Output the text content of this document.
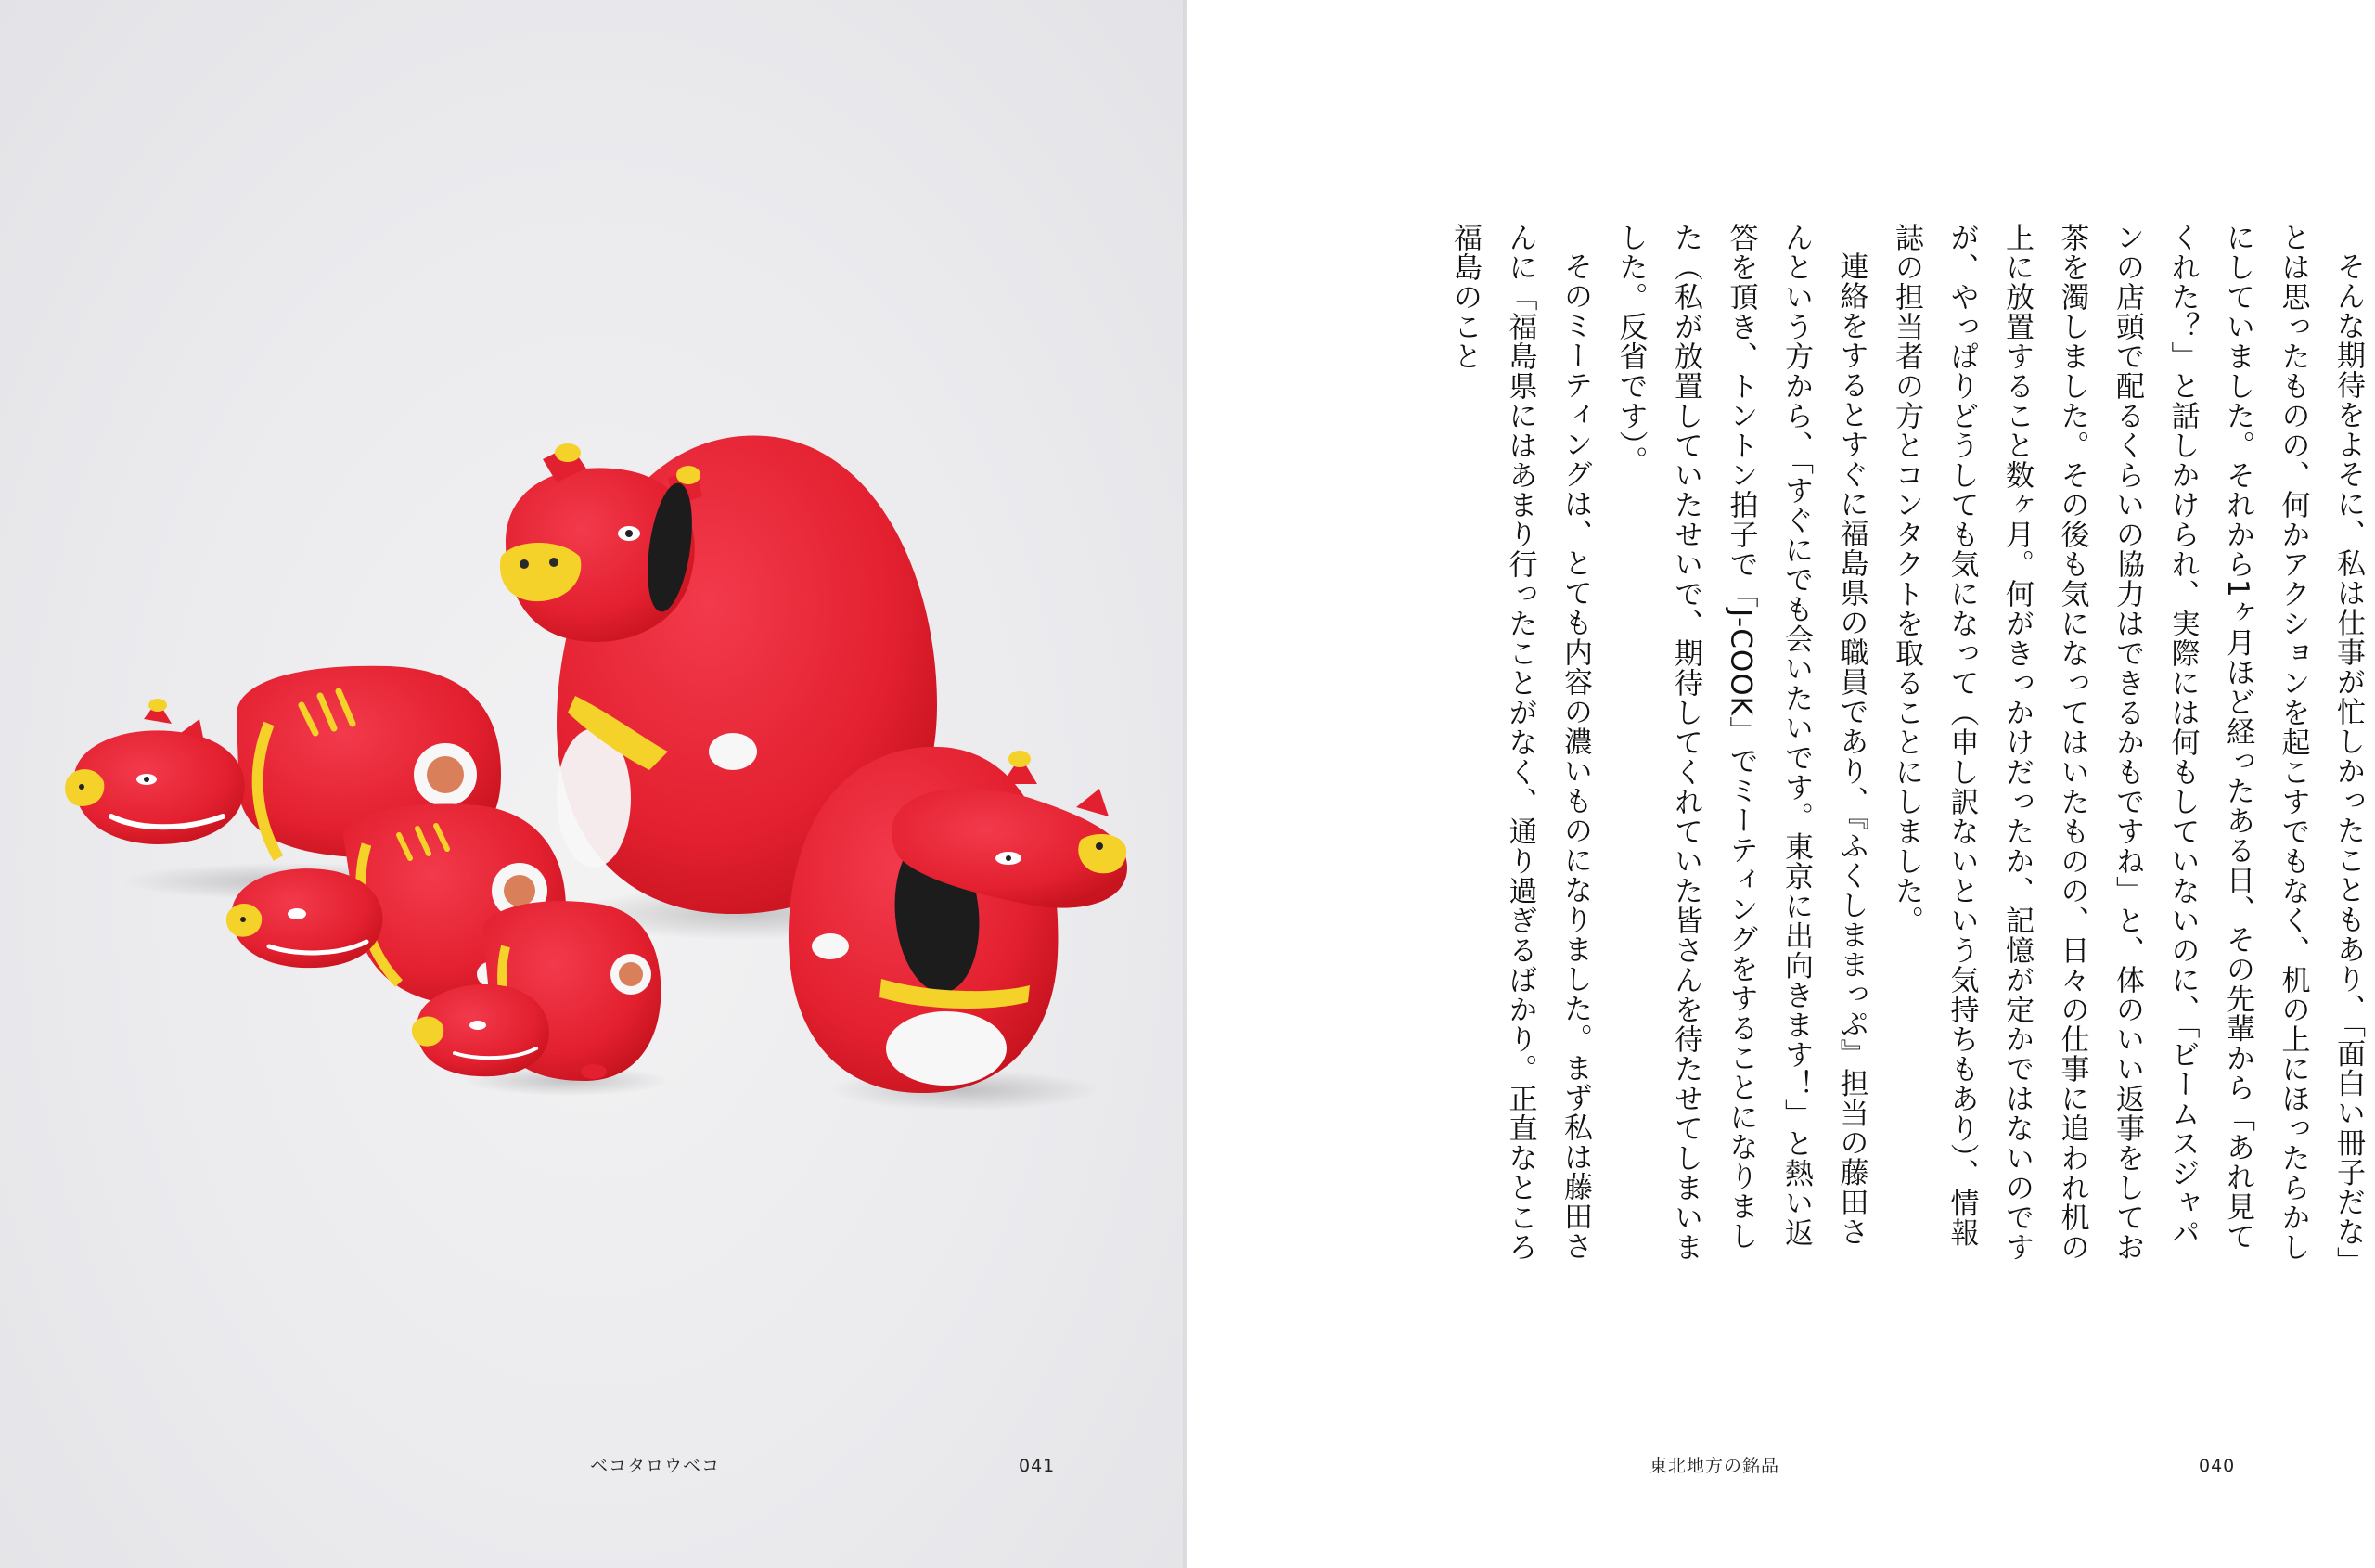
ベコタロウベコ	041

そんな期待をよそに、私は仕事が忙しかったこともあり、「面白い冊子だな」とは思ったものの、何かアクションを起こすでもなく、机の上にほったらかしにしていました。それから1ヶ月ほど経ったある日、その先輩から「あれ見てくれた？」と話しかけられ、実際には何もしていないのに、「ビームスジャパンの店頭で配るくらいの協力はできるかもですね」と、体のいい返事をしてお茶を濁しました。その後も気になってはいたものの、日々の仕事に追われ机の上に放置すること数ヶ月。何がきっかけだったか、記憶が定かではないのですが、やっぱりどうしても気になって（申し訳ないという気持ちもあり）、情報誌の担当者の方とコンタクトを取ることにしました。

連絡をするとすぐに福島県の職員であり、『ふくしままっぷ』担当の藤田さんという方から、「すぐにでも会いたいです。東京に出向きます！」と熱い返答を頂き、トントン拍子で「J-COOK」でミーティングをすることになりました（私が放置していたせいで、期待してくれていた皆さんを待たせてしまいました。反省です）。

そのミーティングは、とても内容の濃いものになりました。まず私は藤田さんに「福島県にはあまり行ったことがなく、通り過ぎるばかり。正直なところ福島のこと

東北地方の銘品	040
